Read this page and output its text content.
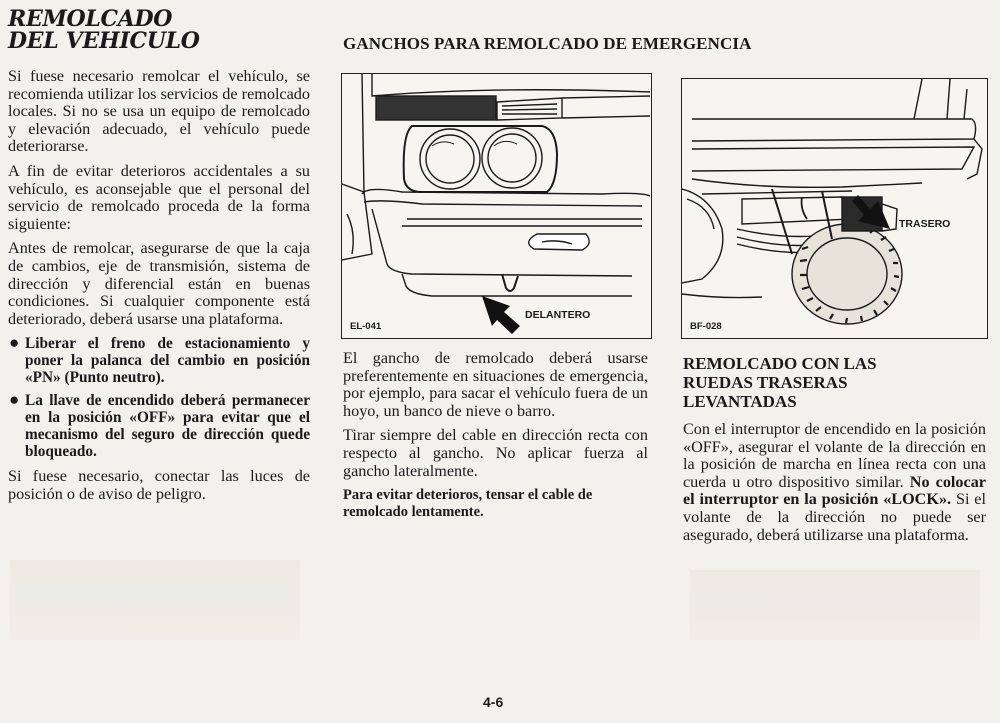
REMOLCADO
DEL VEHICULO

Si fuese necesario remolcar el vehículo, se recomienda utilizar los servicios de remolcado locales. Si no se usa un equipo de remolcado y elevación adecuado, el vehículo puede deteriorarse.

A fin de evitar deterioros accidentales a su vehículo, es aconsejable que el personal del servicio de remolcado proceda de la forma siguiente:

Antes de remolcar, asegurarse de que la caja de cambios, eje de transmisión, sistema de dirección y diferencial están en buenas condiciones. Si cualquier componente está deteriorado, deberá usarse una plataforma.

● Liberar el freno de estacionamiento y poner la palanca del cambio en posición «PN» (Punto neutro).
● La llave de encendido deberá permanecer en la posición «OFF» para evitar que el mecanismo del seguro de dirección quede bloqueado.

Si fuese necesario, conectar las luces de posición o de aviso de peligro.

GANCHOS PARA REMOLCADO DE EMERGENCIA
DELANTERO
EL-041
TRASERO
BF-028

El gancho de remolcado deberá usarse preferentemente en situaciones de emergencia, por ejemplo, para sacar el vehículo fuera de un hoyo, un banco de nieve o barro.

Tirar siempre del cable en dirección recta con respecto al gancho. No aplicar fuerza al gancho lateralmente.

Para evitar deterioros, tensar el cable de remolcado lentamente.

REMOLCADO CON LAS
RUEDAS TRASERAS
LEVANTADAS

Con el interruptor de encendido en la posición «OFF», asegurar el volante de la dirección en la posición de marcha en línea recta con una cuerda u otro dispositivo similar. No colocar el interruptor en la posición «LOCK». Si el volante de la dirección no puede ser asegurado, deberá utilizarse una plataforma.

4-6
